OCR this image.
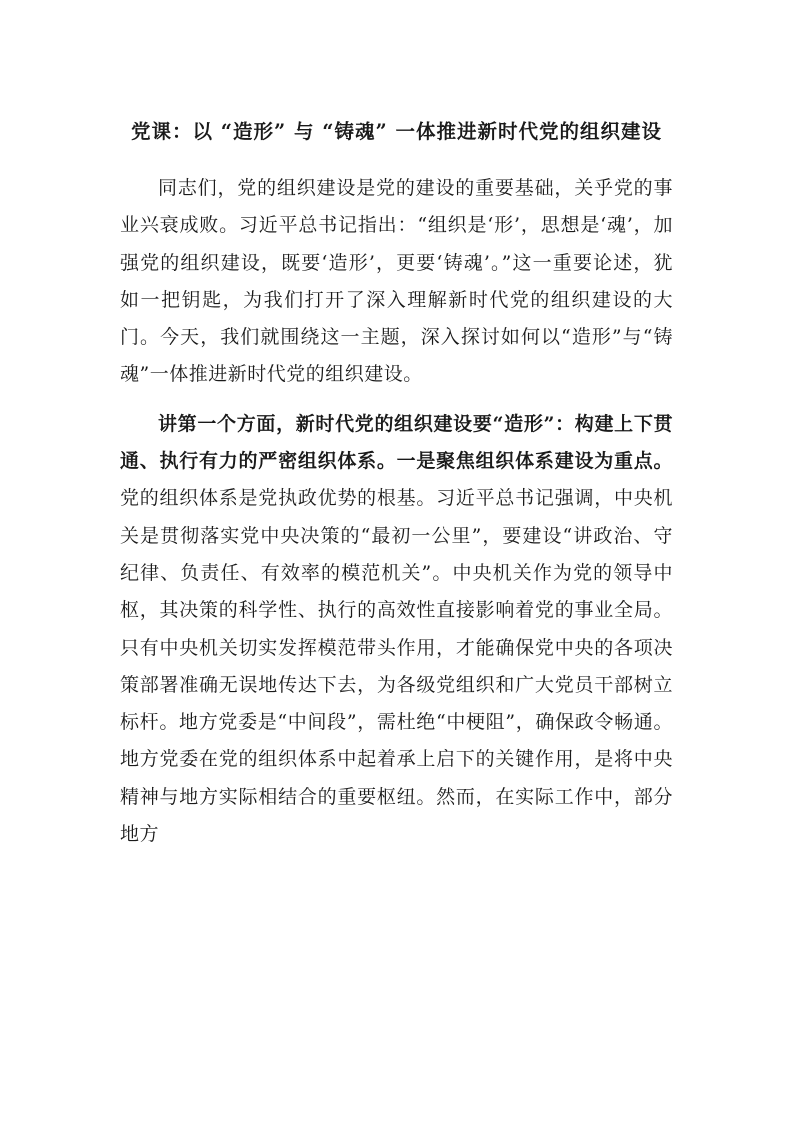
党课：以 “造形” 与 “铸魂” 一体推进新时代党的组织建设

同志们，党的组织建设是党的建设的重要基础，关乎党的事业兴衰成败。习近平总书记指出：“组织是‘形’，思想是‘魂’，加强党的组织建设，既要‘造形’，更要‘铸魂’。”这一重要论述，犹如一把钥匙，为我们打开了深入理解新时代党的组织建设的大门。今天，我们就围绕这一主题，深入探讨如何以“造形”与“铸魂”一体推进新时代党的组织建设。

讲第一个方面，新时代党的组织建设要“造形”：构建上下贯通、执行有力的严密组织体系。一是聚焦组织体系建设为重点。党的组织体系是党执政优势的根基。习近平总书记强调，中央机关是贯彻落实党中央决策的“最初一公里”，要建设“讲政治、守纪律、负责任、有效率的模范机关”。中央机关作为党的领导中枢，其决策的科学性、执行的高效性直接影响着党的事业全局。只有中央机关切实发挥模范带头作用，才能确保党中央的各项决策部署准确无误地传达下去，为各级党组织和广大党员干部树立标杆。地方党委是“中间段”，需杜绝“中梗阻”，确保政令畅通。地方党委在党的组织体系中起着承上启下的关键作用，是将中央精神与地方实际相结合的重要枢纽。然而，在实际工作中，部分地方
